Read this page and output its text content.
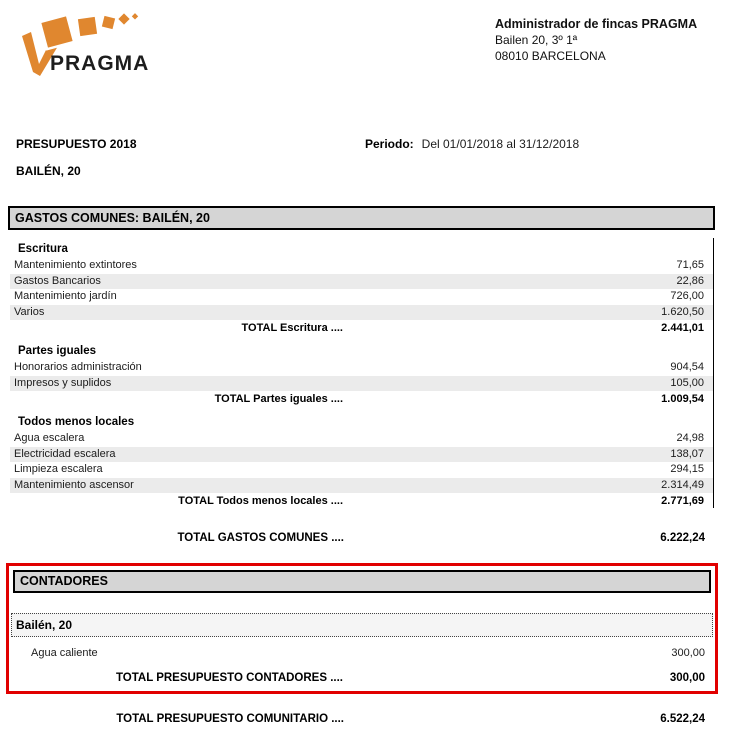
PRAGMA
Administrador de fincas PRAGMA
Bailen 20, 3º 1ª
08010 BARCELONA
PRESUPUESTO 2018	Periodo: Del 01/01/2018 al 31/12/2018
BAILÉN, 20
GASTOS COMUNES: BAILÉN, 20
Escritura
Mantenimiento extintores	71,65
Gastos Bancarios	22,86
Mantenimiento jardín	726,00
Varios	1.620,50
TOTAL Escritura ....	2.441,01
Partes iguales
Honorarios administración	904,54
Impresos y suplidos	105,00
TOTAL Partes iguales ....	1.009,54
Todos menos locales
Agua escalera	24,98
Electricidad escalera	138,07
Limpieza escalera	294,15
Mantenimiento ascensor	2.314,49
TOTAL Todos menos locales ....	2.771,69
TOTAL GASTOS COMUNES ....	6.222,24
CONTADORES
Bailén, 20
Agua caliente	300,00
TOTAL PRESUPUESTO CONTADORES ....	300,00
TOTAL PRESUPUESTO COMUNITARIO ....	6.522,24
